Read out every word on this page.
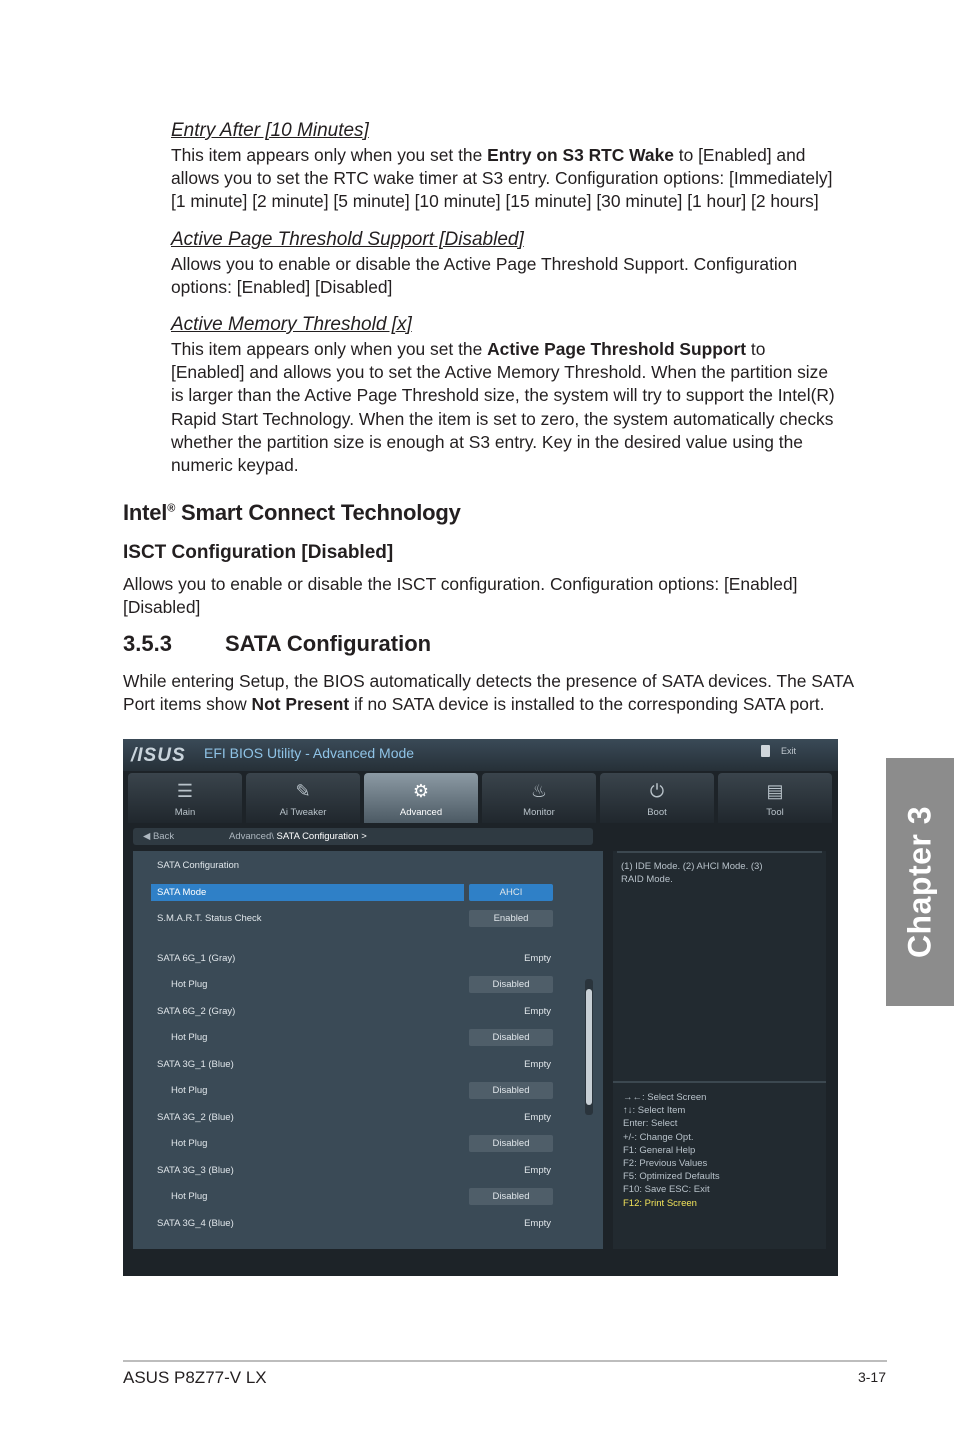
Entry After [10 Minutes]
This item appears only when you set the Entry on S3 RTC Wake to [Enabled] and
allows you to set the RTC wake timer at S3 entry. Configuration options: [Immediately]
[1 minute] [2 minute] [5 minute] [10 minute] [15 minute] [30 minute] [1 hour] [2 hours]
Active Page Threshold Support [Disabled]
Allows you to enable or disable the Active Page Threshold Support. Configuration
options: [Enabled] [Disabled]
Active Memory Threshold [x]
This item appears only when you set the Active Page Threshold Support to
[Enabled] and allows you to set the Active Memory Threshold. When the partition size
is larger than the Active Page Threshold size, the system will try to support the Intel(R)
Rapid Start Technology. When the item is set to zero, the system automatically checks
whether the partition size is enough at S3 entry. Key in the desired value using the
numeric keypad.
Intel® Smart Connect Technology
ISCT Configuration [Disabled]
Allows you to enable or disable the ISCT configuration. Configuration options: [Enabled]
[Disabled]
3.5.3 SATA Configuration
While entering Setup, the BIOS automatically detects the presence of SATA devices. The SATA
Port items show Not Present if no SATA device is installed to the corresponding SATA port.
/ISUS EFI BIOS Utility - Advanced Mode	Exit
☰
Main
✎
Ai Tweaker
⚙
Advanced
♨
Monitor
⏻
Boot
▤
Tool
◀ Back	Advanced\ SATA Configuration >
SATA Configuration
SATA Mode	AHCI
S.M.A.R.T. Status Check	Enabled
SATA 6G_1 (Gray)	Empty
Hot Plug	Disabled
SATA 6G_2 (Gray)	Empty
Hot Plug	Disabled
SATA 3G_1 (Blue)	Empty
Hot Plug	Disabled
SATA 3G_2 (Blue)	Empty
Hot Plug	Disabled
SATA 3G_3 (Blue)	Empty
Hot Plug	Disabled
SATA 3G_4 (Blue)	Empty
(1) IDE Mode. (2) AHCI Mode. (3)
RAID Mode.
→←: Select Screen
↑↓: Select Item
Enter: Select
+/-: Change Opt.
F1: General Help
F2: Previous Values
F5: Optimized Defaults
F10: Save ESC: Exit
F12: Print Screen
Chapter 3
ASUS P8Z77-V LX	3-17
